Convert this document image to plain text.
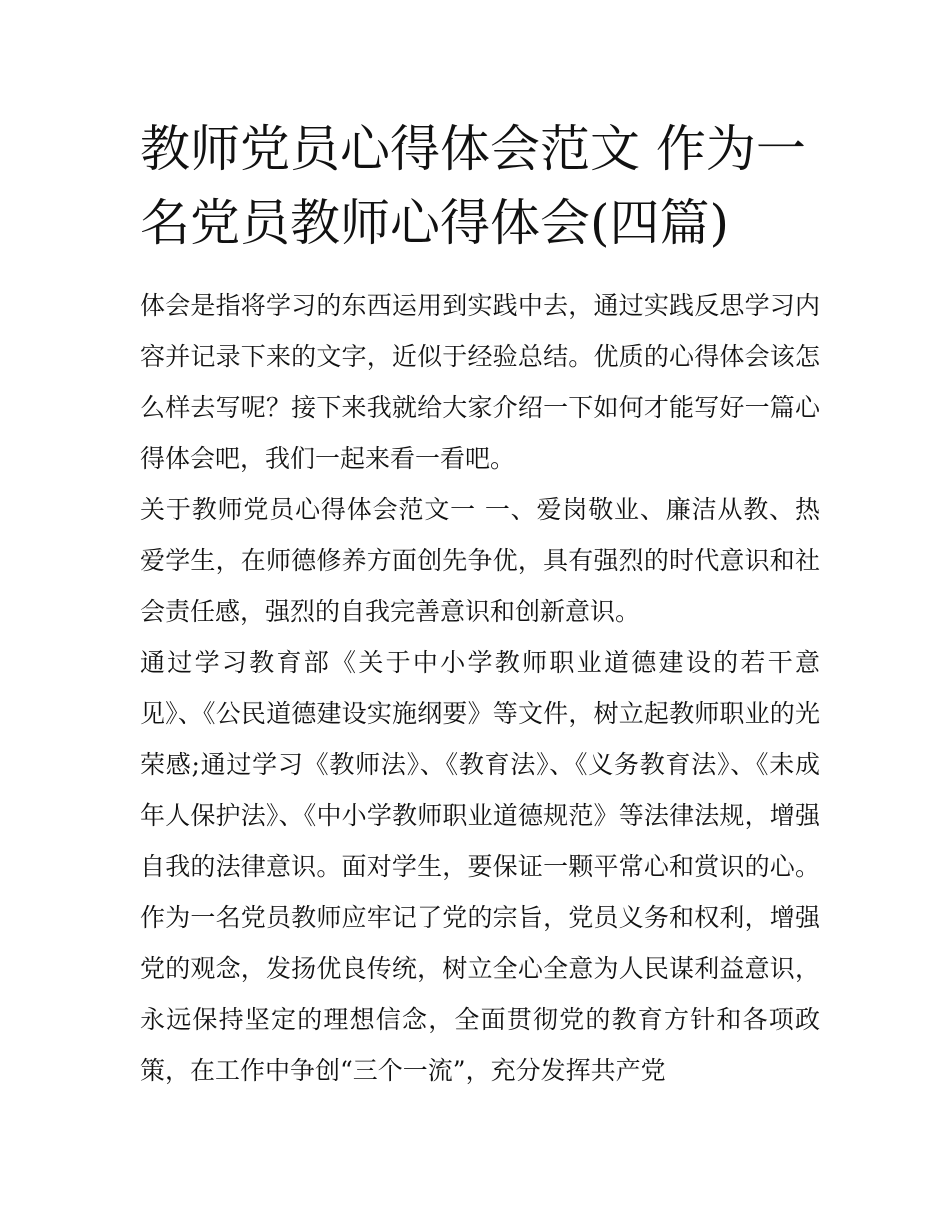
教师党员心得体会范文 作为一名党员教师心得体会(四篇)

体会是指将学习的东西运用到实践中去，通过实践反思学习内容并记录下来的文字，近似于经验总结。优质的心得体会该怎么样去写呢？接下来我就给大家介绍一下如何才能写好一篇心得体会吧，我们一起来看一看吧。

关于教师党员心得体会范文一 一、爱岗敬业、廉洁从教、热爱学生，在师德修养方面创先争优，具有强烈的时代意识和社会责任感，强烈的自我完善意识和创新意识。

通过学习教育部《关于中小学教师职业道德建设的若干意见》、《公民道德建设实施纲要》等文件，树立起教师职业的光荣感;通过学习《教师法》、《教育法》、《义务教育法》、《未成年人保护法》、《中小学教师职业道德规范》等法律法规，增强自我的法律意识。面对学生，要保证一颗平常心和赏识的心。作为一名党员教师应牢记了党的宗旨，党员义务和权利，增强党的观念，发扬优良传统，树立全心全意为人民谋利益意识，永远保持坚定的理想信念，全面贯彻党的教育方针和各项政策，在工作中争创“三个一流”，充分发挥共产党
